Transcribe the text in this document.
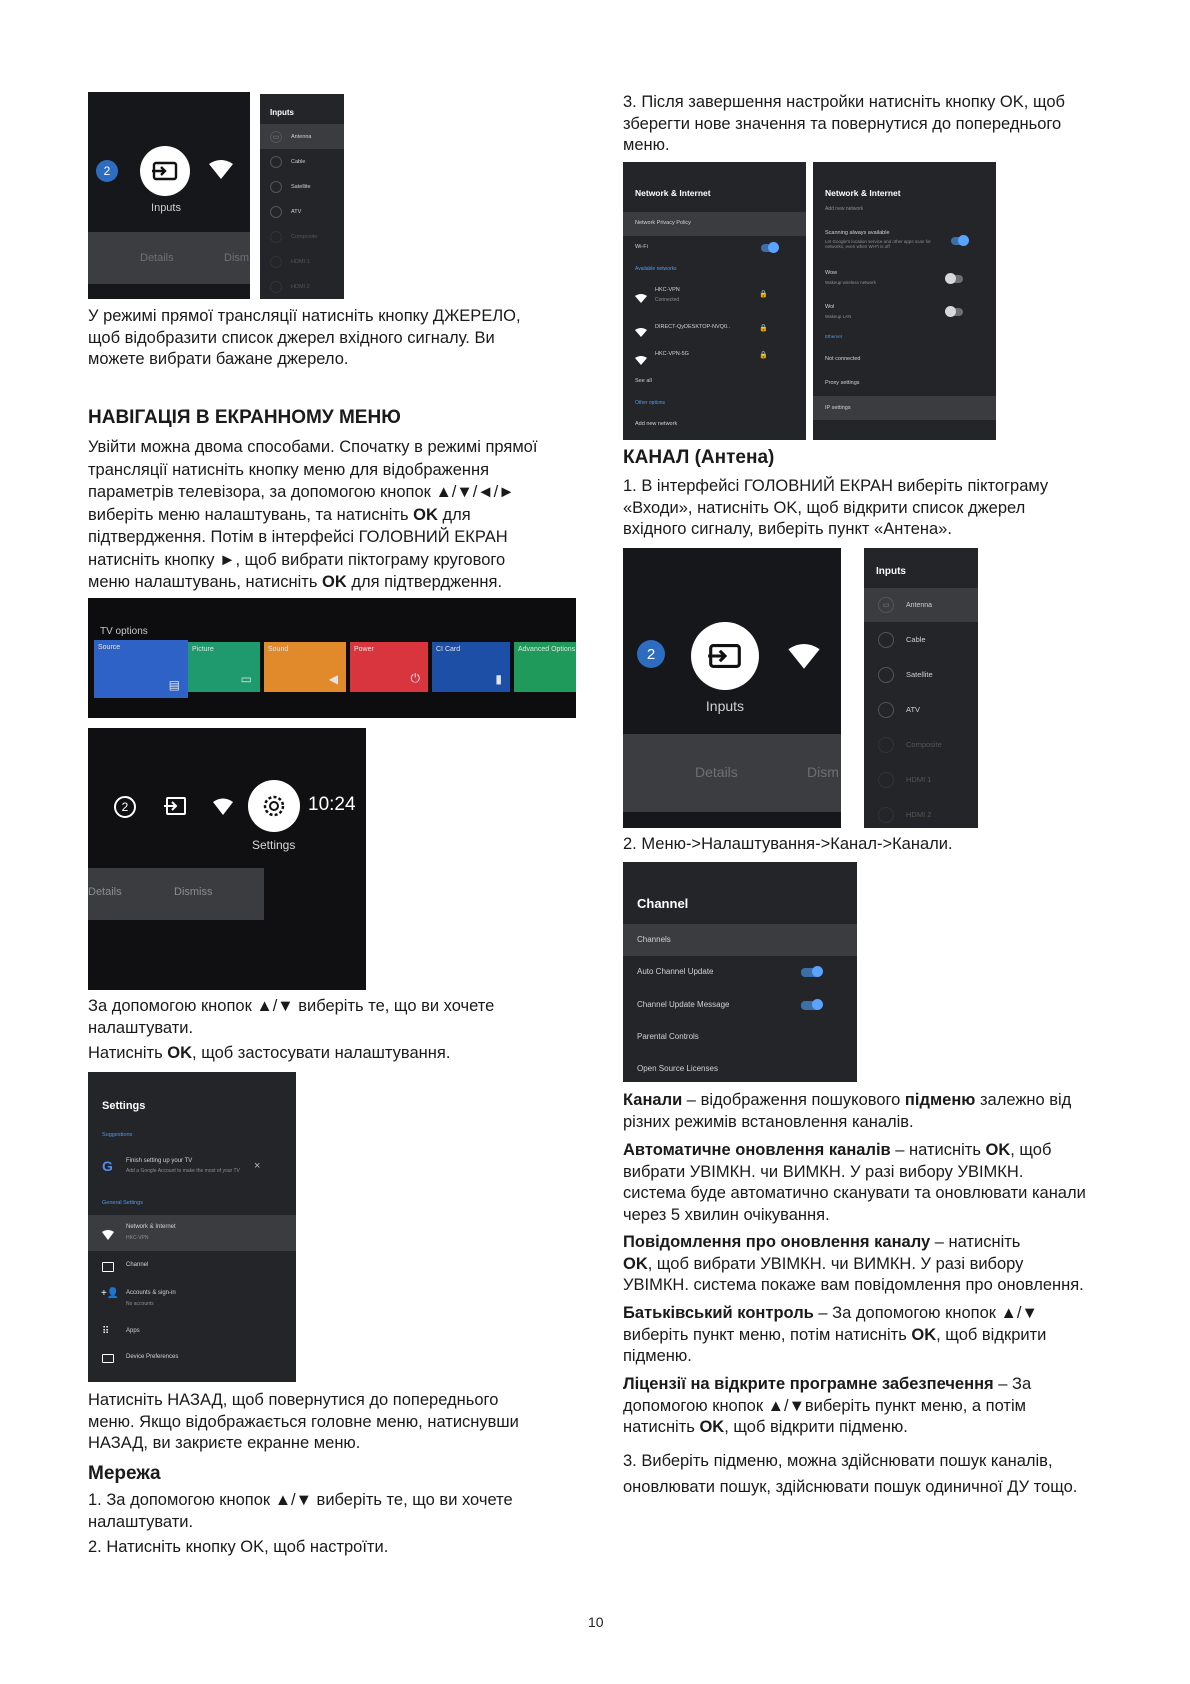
2
Inputs
Details	Dism
Inputs
▭	Antenna
Cable
Satellite
ATV
Composite
HDMI 1
HDMI 2
У режимі прямої трансляції натисніть кнопку ДЖЕРЕЛО,
щоб відобразити список джерел вхідного сигналу. Ви
можете вибрати бажане джерело.
НАВІГАЦІЯ В ЕКРАННОМУ МЕНЮ
Увійти можна двома способами. Спочатку в режимі прямої
трансляції натисніть кнопку меню для відображення
параметрів телевізора, за допомогою кнопок ▲/▼/◄/►
виберіть меню налаштувань, та натисніть OK для
підтвердження. Потім в інтерфейсі ГОЛОВНИЙ ЕКРАН
натисніть кнопку ►, щоб вибрати піктограму кругового
меню налаштувань, натисніть OK для підтвердження.
TV options
Source
▤
Picture
▭
Sound
◀
Power
⏻
CI Card
▮
Advanced Options
2	10:24
Settings
Details	Dismiss
За допомогою кнопок ▲/▼ виберіть те, що ви хочете
налаштувати.
Натисніть OK, щоб застосувати налаштування.
Settings
Suggestions
G Finish setting up your TV
Add a Google Account to make the most of your TV	×
General Settings
Network & Internet
HKC-VPN
Channel
+👤 Accounts & sign-in
No accounts
⠿	Apps
Device Preferences
Натисніть НАЗАД, щоб повернутися до попереднього
меню. Якщо відображається головне меню, натиснувши
НАЗАД, ви закриєте екранне меню.
Мережа
1. За допомогою кнопок ▲/▼ виберіть те, що ви хочете
налаштувати.
2. Натисніть кнопку OK, щоб настроїти.
3. Після завершення настройки натисніть кнопку OK, щоб
зберегти нове значення та повернутися до попереднього
меню.
Network & Internet
Network Privacy Policy
Wi-Fi
Available networks
HKC-VPN
Connected
🔒
DIRECT-QyDESKTOP-NVQ0..	🔒
HKC-VPN-5G	🔒
See all
Other options
Add new network
Network & Internet
Add new network
Scanning always available
Let Google's location service and other apps scan for networks, even when Wi-Fi is off
Wow
Wakeup wireless network
Wol
Wakeup LAN
Ethernet
Not connected
Proxy settings
IP settings
КАНАЛ (Антена)
1. В інтерфейсі ГОЛОВНИЙ ЕКРАН виберіть піктограму
«Входи», натисніть OK, щоб відкрити список джерел
вхідного сигналу, виберіть пункт «Антена».
2
Inputs
Details	Dism
Inputs
▭	Antenna
Cable
Satellite
ATV
Composite
HDMI 1
HDMI 2
2. Меню->Налаштування->Канал->Канали.
Channel
Channels
Auto Channel Update
Channel Update Message
Parental Controls
Open Source Licenses
Канали – відображення пошукового підменю залежно від
різних режимів встановлення каналів.
Автоматичне оновлення каналів – натисніть OK, щоб
вибрати УВІМКН. чи ВИМКН. У разі вибору УВІМКН.
система буде автоматично сканувати та оновлювати канали
через 5 хвилин очікування.
Повідомлення про оновлення каналу – натисніть
OK, щоб вибрати УВІМКН. чи ВИМКН. У разі вибору
УВІМКН. система покаже вам повідомлення про оновлення.
Батьківський контроль – За допомогою кнопок ▲/▼
виберіть пункт меню, потім натисніть OK, щоб відкрити
підменю.
Ліцензії на відкрите програмне забезпечення – За
допомогою кнопок ▲/▼виберіть пункт меню, а потім
натисніть OK, щоб відкрити підменю.
3. Виберіть підменю, можна здійснювати пошук каналів,
оновлювати пошук, здійснювати пошук одиничної ДУ тощо.
10
